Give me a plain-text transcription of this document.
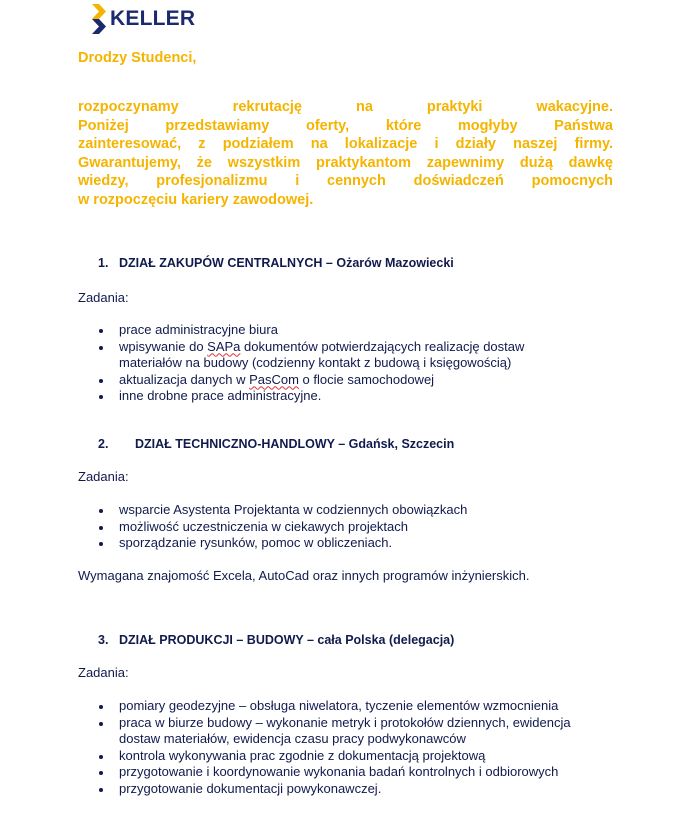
KELLER

Drodzy Studenci,

rozpoczynamy rekrutację na praktyki wakacyjne.
Poniżej przedstawiamy oferty, które mogłyby Państwa
zainteresować, z podziałem na lokalizacje i działy naszej firmy.
Gwarantujemy, że wszystkim praktykantom zapewnimy dużą dawkę
wiedzy, profesjonalizmu i cennych doświadczeń pomocnych
w rozpoczęciu kariery zawodowej.

1. DZIAŁ ZAKUPÓW CENTRALNYCH – Ożarów Mazowiecki
Zadania:
prace administracyjne biura
wpisywanie do SAPa dokumentów potwierdzających realizację dostaw
materiałów na budowy (codzienny kontakt z budową i księgowością)
aktualizacja danych w PasCom o flocie samochodowej
inne drobne prace administracyjne.
2. DZIAŁ TECHNICZNO-HANDLOWY – Gdańsk, Szczecin
Zadania:
wsparcie Asystenta Projektanta w codziennych obowiązkach
możliwość uczestniczenia w ciekawych projektach
sporządzanie rysunków, pomoc w obliczeniach.
Wymagana znajomość Excela, AutoCad oraz innych programów inżynierskich.
3. DZIAŁ PRODUKCJI – BUDOWY – cała Polska (delegacja)
Zadania:
pomiary geodezyjne – obsługa niwelatora, tyczenie elementów wzmocnienia
praca w biurze budowy – wykonanie metryk i protokołów dziennych, ewidencja
dostaw materiałów, ewidencja czasu pracy podwykonawców
kontrola wykonywania prac zgodnie z dokumentacją projektową
przygotowanie i koordynowanie wykonania badań kontrolnych i odbiorowych
przygotowanie dokumentacji powykonawczej.
